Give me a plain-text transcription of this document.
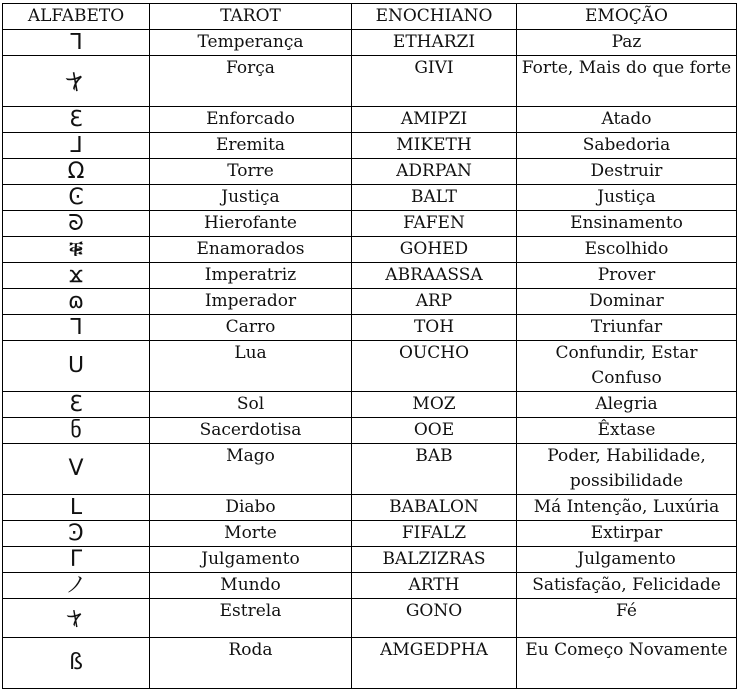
ALFABETO	TAROT	ENOCHIANO	EMOÇÃO
ᒣ	Temperança	ETHARZI	Paz
⊁	Força	GIVI	Forte, Mais do que forte
ℇ	Enforcado	AMIPZI	Atado
ᒧ	Eremita	MIKETH	Sabedoria
Ω	Torre	ADRPAN	Destruir
Ͼ	Justiça	BALT	Justiça
ᘐ	Hierofante	FAFEN	Ensinamento
ቑ	Enamorados	GOHED	Escolhido
ϫ	Imperatriz	ABRAASSA	Prover
ɷ	Imperador	ARP	Dominar
ᒣ	Carro	TOH	Triunfar
ᑌ	Lua	OUCHO	Confundir, Estar Confuso
ℇ	Sol	MOZ	Alegria
ნ	Sacerdotisa	OOE	Êxtase
V	Mago	BAB	Poder, Habilidade, possibilidade
ᒪ	Diabo	BABALON	Má Intenção, Luxúria
Ͽ	Morte	FIFALZ	Extirpar
Γ	Julgamento	BALZIZRAS	Julgamento
ノ	Mundo	ARTH	Satisfação, Felicidade
⊁	Estrela	GONO	Fé
ß	Roda	AMGEDPHA	Eu Começo Novamente
